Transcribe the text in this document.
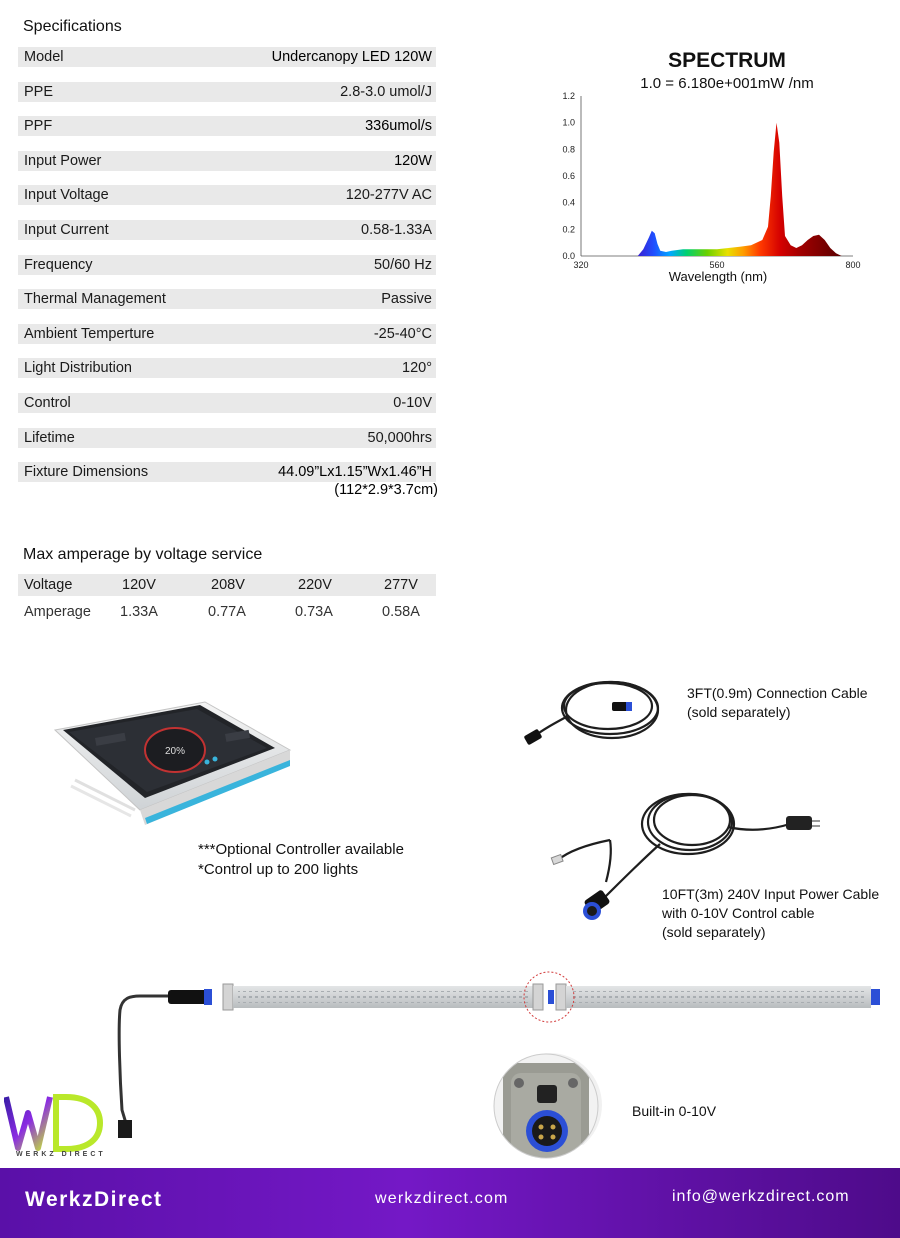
Specifications
Model	Undercanopy LED 120W
PPE	2.8-3.0 umol/J
PPF	336umol/s
Input Power	120W
Input Voltage	120-277V AC
Input Current	0.58-1.33A
Frequency	50/60 Hz
Thermal Management	Passive
Ambient Temperture	-25-40°C
Light Distribution	120°
Control	0-10V
Lifetime	50,000hrs
Fixture Dimensions	44.09”Lx1.15”Wx1.46”H
(112*2.9*3.7cm)
Max amperage by voltage service
Voltage	120V	208V	220V	277V
Amperage 1.33A	0.77A	0.73A	0.58A
SPECTRUM
1.0 = 6.180e+001mW /nm
0.0
0.2
0.4
0.6
0.8
1.0
1.2
320	560	800
Wavelength (nm)
20%
***Optional Controller available
*Control up to 200 lights
3FT(0.9m) Connection Cable
(sold separately)
10FT(3m) 240V Input Power Cable
with 0-10V Control cable
(sold separately)
Built-in 0-10V
WERKZ DIRECT
WerkzDirect	werkzdirect.com	info@werkzdirect.com
